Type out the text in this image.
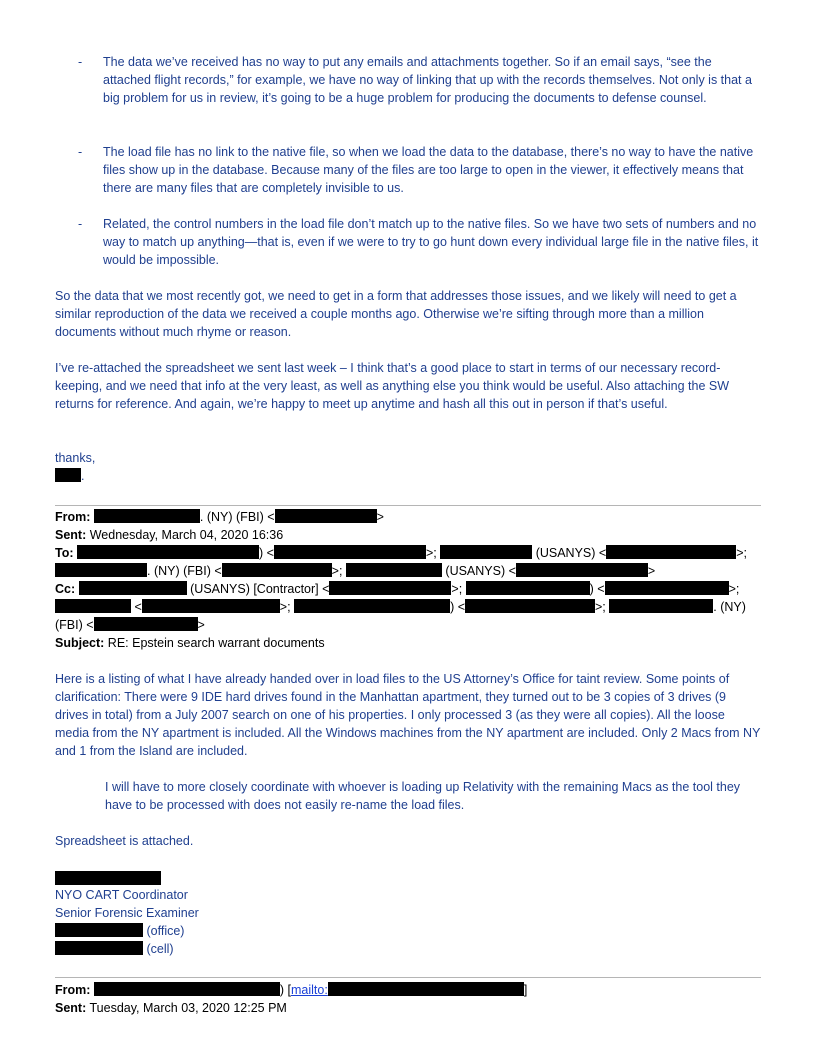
- The data we’ve received has no way to put any emails and attachments together. So if an email says, “see the attached flight records,” for example, we have no way of linking that up with the records themselves. Not only is that a big problem for us in review, it’s going to be a huge problem for producing the documents to defense counsel.
- The load file has no link to the native file, so when we load the data to the database, there’s no way to have the native files show up in the database. Because many of the files are too large to open in the viewer, it effectively means that there are many files that are completely invisible to us.
- Related, the control numbers in the load file don’t match up to the native files. So we have two sets of numbers and no way to match up anything—that is, even if we were to try to go hunt down every individual large file in the native files, it would be impossible.
So the data that we most recently got, we need to get in a form that addresses those issues, and we likely will need to get a similar reproduction of the data we received a couple months ago. Otherwise we’re sifting through more than a million documents without much rhyme or reason.
I’ve re-attached the spreadsheet we sent last week – I think that’s a good place to start in terms of our necessary record-keeping, and we need that info at the very least, as well as anything else you think would be useful. Also attaching the SW returns for reference. And again, we’re happy to meet up anytime and hash all this out in person if that’s useful.
thanks,
.
From:	. (NY) (FBI) <	>
Sent: Wednesday, March 04, 2020 16:36
To:	) <	>;	(USANYS) <	>;
. (NY) (FBI) <	>;	(USANYS) <	>
Cc:	(USANYS) [Contractor] <	>;	) <	>;
<	>;	) <	>;	. (NY)
(FBI) <	>
Subject: RE: Epstein search warrant documents
Here is a listing of what I have already handed over in load files to the US Attorney’s Office for taint review. Some points of clarification: There were 9 IDE hard drives found in the Manhattan apartment, they turned out to be 3 copies of 3 drives (9 drives in total) from a July 2007 search on one of his properties. I only processed 3 (as they were all copies). All the loose media from the NY apartment is included. All the Windows machines from the NY apartment are included. Only 2 Macs from NY and 1 from the Island are included.
I will have to more closely coordinate with whoever is loading up Relativity with the remaining Macs as the tool they have to be processed with does not easily re-name the load files.
Spreadsheet is attached.
NYO CART Coordinator
Senior Forensic Examiner
(office)
(cell)
From:	) [mailto:	]
Sent: Tuesday, March 03, 2020 12:25 PM
